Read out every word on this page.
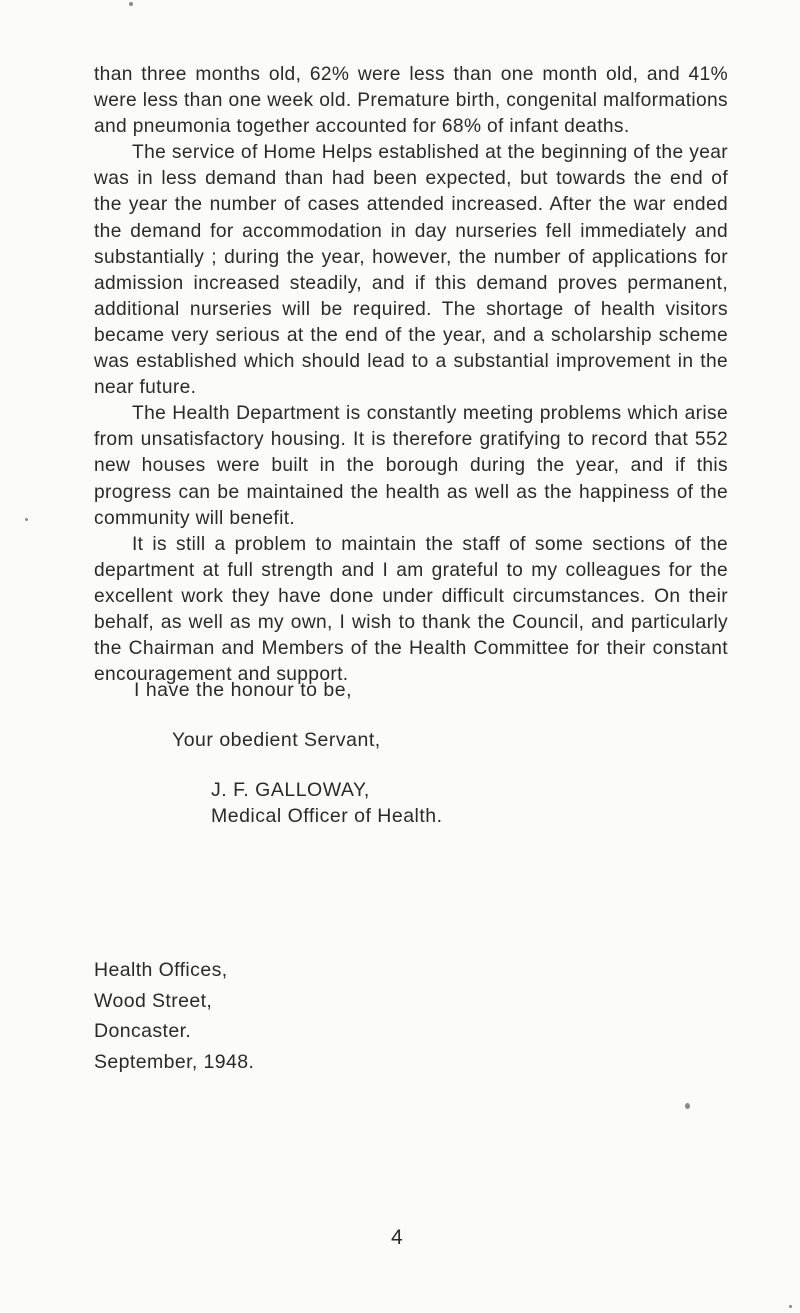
than three months old, 62% were less than one month old, and 41% were less than one week old. Premature birth, congenital malformations and pneumonia together accounted for 68% of infant deaths.

The service of Home Helps established at the beginning of the year was in less demand than had been expected, but towards the end of the year the number of cases attended increased. After the war ended the demand for accommodation in day nurseries fell immediately and substantially ; during the year, however, the number of applications for admission increased steadily, and if this demand proves permanent, additional nurseries will be required. The shortage of health visitors became very serious at the end of the year, and a scholarship scheme was established which should lead to a substantial improvement in the near future.

The Health Department is constantly meeting problems which arise from unsatisfactory housing. It is therefore gratifying to record that 552 new houses were built in the borough during the year, and if this progress can be maintained the health as well as the happiness of the community will benefit.

It is still a problem to maintain the staff of some sections of the department at full strength and I am grateful to my colleagues for the excellent work they have done under difficult circumstances. On their behalf, as well as my own, I wish to thank the Council, and particularly the Chairman and Members of the Health Committee for their constant encouragement and support.

I have the honour to be,
Your obedient Servant,
J. F. GALLOWAY,
Medical Officer of Health.
Health Offices,
Wood Street,
Doncaster.
September, 1948.
4
